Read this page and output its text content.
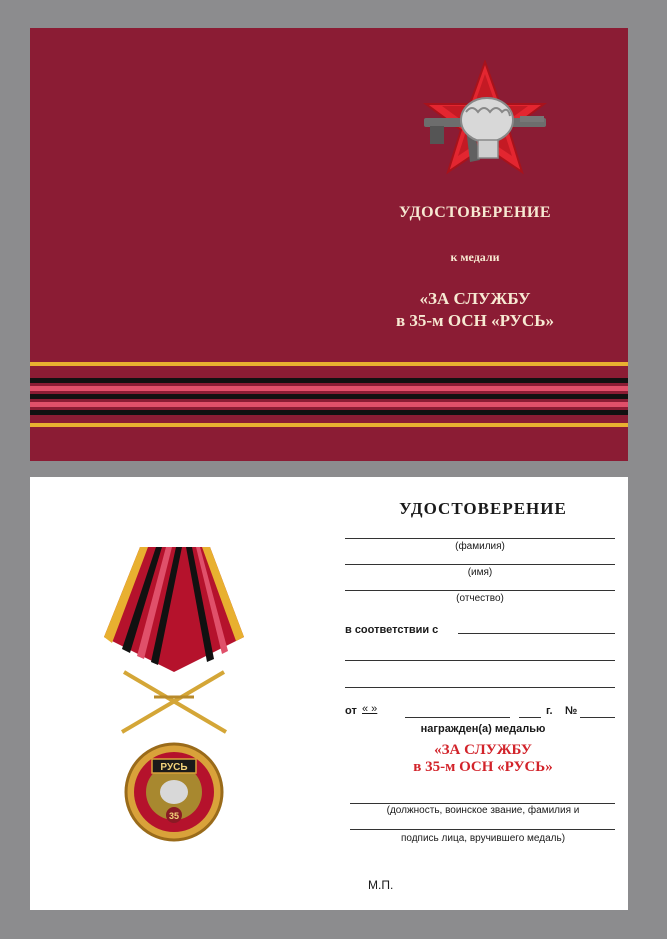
УДОСТОВЕРЕНИЕ
к медали
«ЗА СЛУЖБУ
в 35-м ОСН «РУСЬ»
РУСЬ
35
УДОСТОВЕРЕНИЕ
(фамилия)
(имя)
(отчество)
в соответствии с
от « »	г. №
награжден(а) медалью
«ЗА СЛУЖБУ
в 35-м ОСН «РУСЬ»
(должность, воинское звание, фамилия и
подпись лица, вручившего медаль)
М.П.
